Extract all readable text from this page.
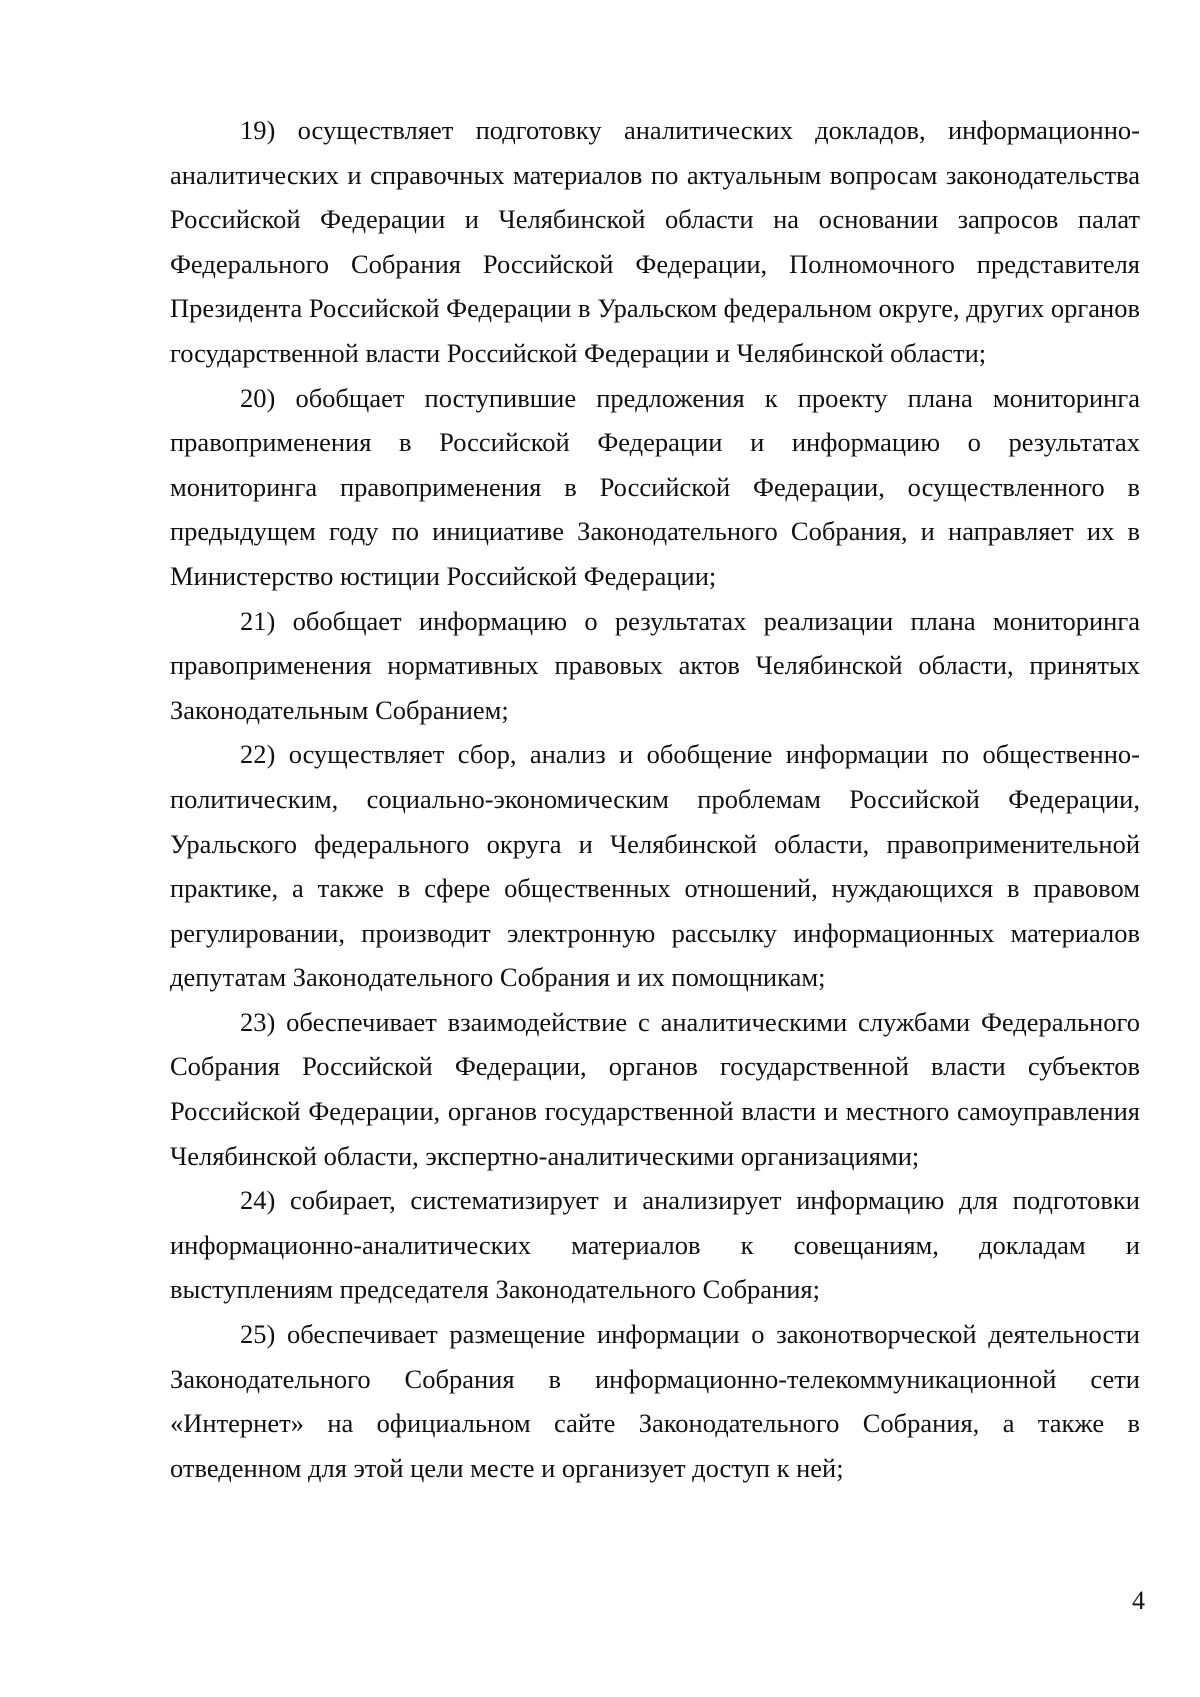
19) осуществляет подготовку аналитических докладов, информационно-аналитических и справочных материалов по актуальным вопросам законодательства Российской Федерации и Челябинской области на основании запросов палат Федерального Собрания Российской Федерации, Полномочного представителя Президента Российской Федерации в Уральском федеральном округе, других органов государственной власти Российской Федерации и Челябинской области;

20) обобщает поступившие предложения к проекту плана мониторинга правоприменения в Российской Федерации и информацию о результатах мониторинга правоприменения в Российской Федерации, осуществленного в предыдущем году по инициативе Законодательного Собрания, и направляет их в Министерство юстиции Российской Федерации;

21) обобщает информацию о результатах реализации плана мониторинга правоприменения нормативных правовых актов Челябинской области, принятых Законодательным Собранием;

22) осуществляет сбор, анализ и обобщение информации по общественно-политическим, социально-экономическим проблемам Российской Федерации, Уральского федерального округа и Челябинской области, правоприменительной практике, а также в сфере общественных отношений, нуждающихся в правовом регулировании, производит электронную рассылку информационных материалов депутатам Законодательного Собрания и их помощникам;

23) обеспечивает взаимодействие с аналитическими службами Федерального Собрания Российской Федерации, органов государственной власти субъектов Российской Федерации, органов государственной власти и местного самоуправления Челябинской области, экспертно-аналитическими организациями;

24) собирает, систематизирует и анализирует информацию для подготовки информационно-аналитических материалов к совещаниям, докладам и выступлениям председателя Законодательного Собрания;

25) обеспечивает размещение информации о законотворческой деятельности Законодательного Собрания в информационно-телекоммуникационной сети «Интернет» на официальном сайте Законодательного Собрания, а также в отведенном для этой цели месте и организует доступ к ней;

4
